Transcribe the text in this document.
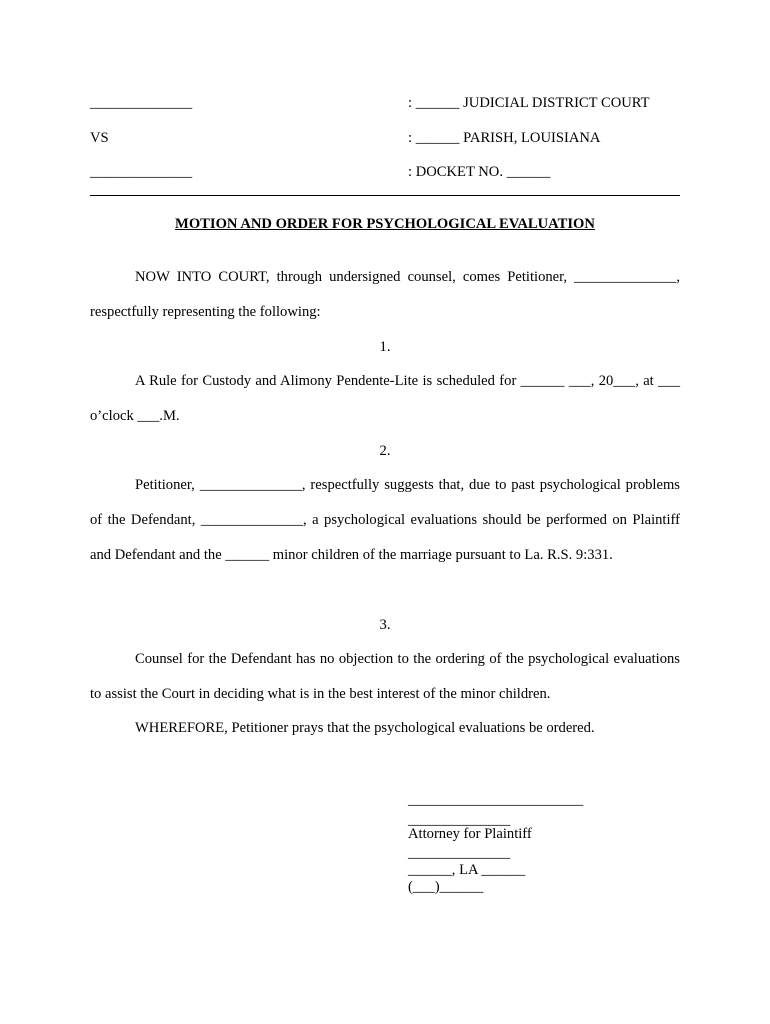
______________
VS
______________
: ______ JUDICIAL DISTRICT COURT
: ______ PARISH, LOUISIANA
: DOCKET NO. ______
MOTION AND ORDER FOR PSYCHOLOGICAL EVALUATION

NOW INTO COURT, through undersigned counsel, comes Petitioner, ______________, respectfully representing the following:

1.

A Rule for Custody and Alimony Pendente-Lite is scheduled for ______ ___, 20___, at ___ o’clock ___.M.

2.

Petitioner, ______________, respectfully suggests that, due to past psychological problems of the Defendant, ______________, a psychological evaluations should be performed on Plaintiff and Defendant and the ______ minor children of the marriage pursuant to La. R.S. 9:331.

3.

Counsel for the Defendant has no objection to the ordering of the psychological evaluations to assist the Court in deciding what is in the best interest of the minor children.

WHEREFORE, Petitioner prays that the psychological evaluations be ordered.

________________________
______________
Attorney for Plaintiff
______________
______, LA ______
(___)______
